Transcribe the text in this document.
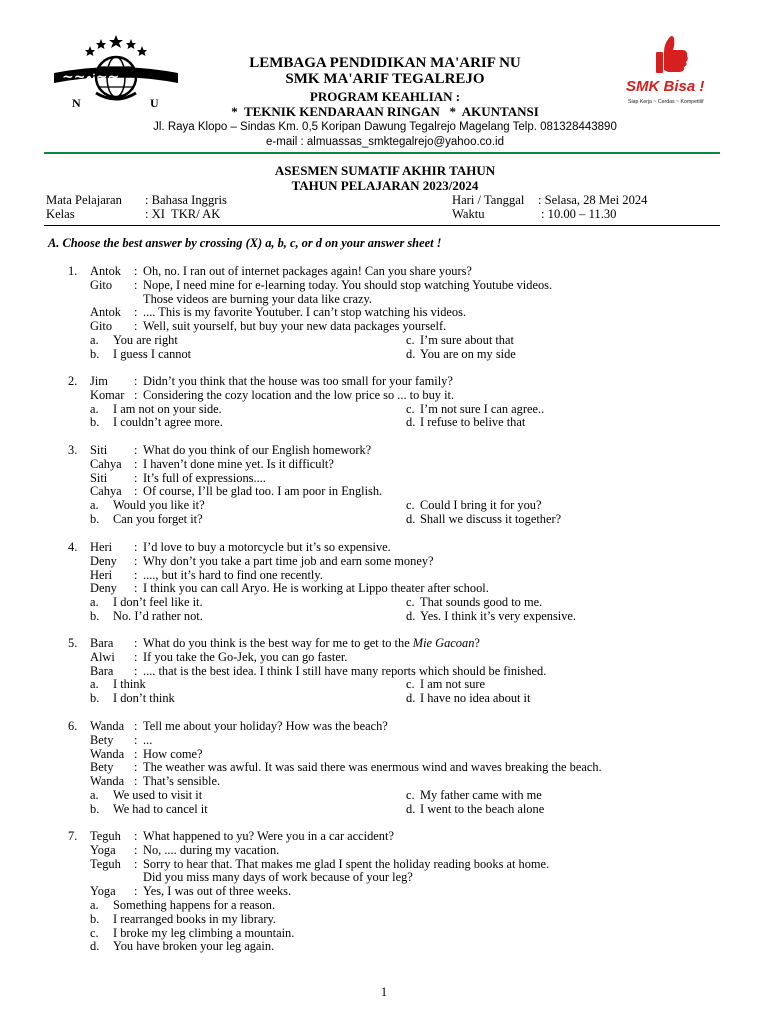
~~ﻧﻬ~~
N	U
SMK Bisa !
Siap Kerja ~ Cerdas ~ Kompetitif
LEMBAGA PENDIDIKAN MA'ARIF NU
SMK MA'ARIF TEGALREJO
PROGRAM KEAHLIAN :
*  TEKNIK KENDARAAN RINGAN   *  AKUNTANSI
Jl. Raya Klopo – Sindas Km. 0,5 Koripan Dawung Tegalrejo Magelang Telp. 081328443890
e-mail : almuassas_smktegalrejo@yahoo.co.id
ASESMEN SUMATIF AKHIR TAHUN
TAHUN PELAJARAN 2023/2024
Mata Pelajaran : Bahasa Inggris
Kelas	: XI  TKR/ AK
Hari / Tanggal : Selasa, 28 Mei 2024
Waktu	: 10.00 – 11.30
A. Choose the best answer by crossing (X) a, b, c, or d on your answer sheet !
1. Antok : Oh, no. I ran out of internet packages again! Can you share yours?
Gito : Nope, I need mine for e-learning today. You should stop watching Youtube videos.
Those videos are burning your data like crazy.
Antok : .... This is my favorite Youtuber. I can’t stop watching his videos.
Gito : Well, suit yourself, but buy your new data packages yourself.
a. You are right	c. I’m sure about that
b. I guess I cannot	d. You are on my side
2. Jim : Didn’t you think that the house was too small for your family?
Komar : Considering the cozy location and the low price so ... to buy it.
a. I am not on your side.	c. I’m not sure I can agree..
b. I couldn’t agree more.	d. I refuse to belive that
3. Siti : What do you think of our English homework?
Cahya : I haven’t done mine yet. Is it difficult?
Siti : It’s full of expressions....
Cahya : Of course, I’ll be glad too. I am poor in English.
a. Would you like it?	c. Could I bring it for you?
b. Can you forget it?	d. Shall we discuss it together?
4. Heri : I’d love to buy a motorcycle but it’s so expensive.
Deny : Why don’t you take a part time job and earn some money?
Heri : ...., but it’s hard to find one recently.
Deny : I think you can call Aryo. He is working at Lippo theater after school.
a. I don’t feel like it.	c. That sounds good to me.
b. No. I’d rather not.	d. Yes. I think it’s very expensive.
5. Bara : What do you think is the best way for me to get to the Mie Gacoan?
Alwi : If you take the Go-Jek, you can go faster.
Bara : .... that is the best idea. I think I still have many reports which should be finished.
a. I think	c. I am not sure
b. I don’t think	d. I have no idea about it
6. Wanda : Tell me about your holiday? How was the beach?
Bety : ...
Wanda : How come?
Bety : The weather was awful. It was said there was enermous wind and waves breaking the beach.
Wanda : That’s sensible.
a. We used to visit it	c. My father came with me
b. We had to cancel it	d. I went to the beach alone
7. Teguh : What happened to yu? Were you in a car accident?
Yoga : No, .... during my vacation.
Teguh : Sorry to hear that. That makes me glad I spent the holiday reading books at home.
Did you miss many days of work because of your leg?
Yoga : Yes, I was out of three weeks.
a. Something happens for a reason.
b. I rearranged books in my library.
c. I broke my leg climbing a mountain.
d. You have broken your leg again.
1
